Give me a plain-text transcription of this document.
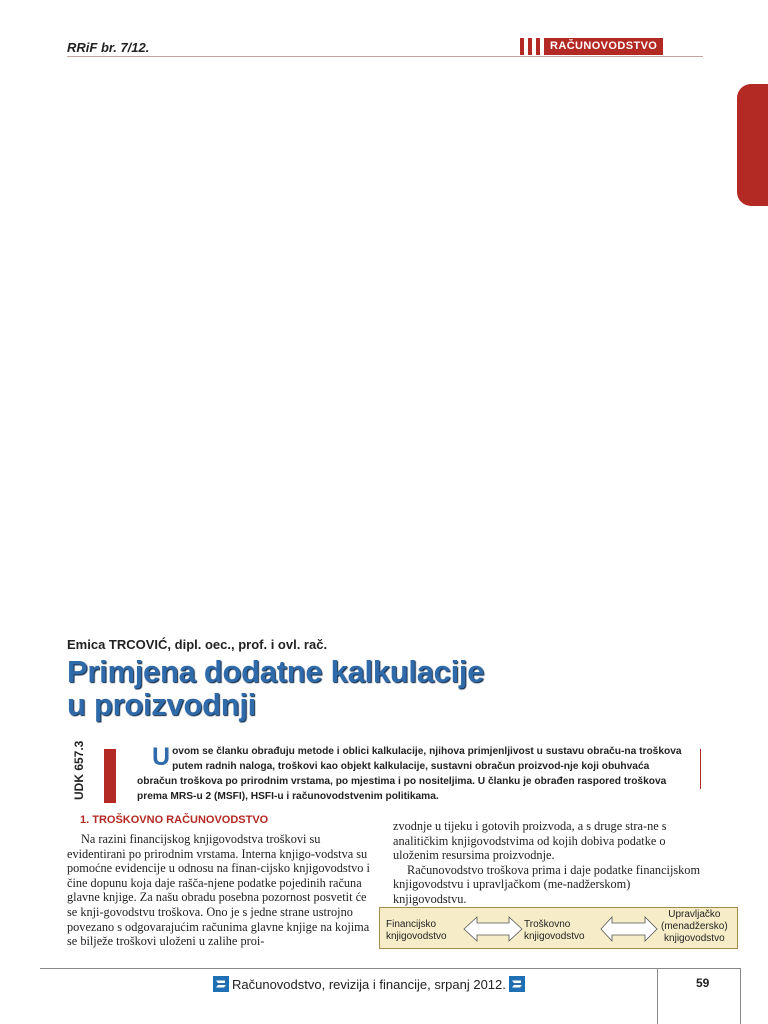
RRiF br. 7/12.	RAČUNOVODSTVO
Emica TRCOVIĆ, dipl. oec., prof. i ovl. rač.
Primjena dodatne kalkulacije
u proizvodnji
UDK 657.3	U ovom se članku obrađuju metode i oblici kalkulacije, njihova primjenljivost u sustavu obraču-na troškova putem radnih naloga, troškovi kao objekt kalkulacije, sustavni obračun proizvod-nje koji obuhvaća obračun troškova po prirodnim vrstama, po mjestima i po nositeljima. U članku je obrađen raspored troškova prema MRS-u 2 (MSFI), HSFI-u i računovodstvenim politikama.
1. TROŠKOVNO RAČUNOVODSTVO

Na razini financijskog knjigovodstva troškovi su evidentirani po prirodnim vrstama. Interna knjigo-vodstva su pomoćne evidencije u odnosu na finan-cijsko knjigovodstvo i čine dopunu koja daje rašča-njene podatke pojedinih računa glavne knjige. Za našu obradu posebna pozornost posvetit će se knji-govodstvu troškova. Ono je s jedne strane ustrojno povezano s odgovarajućim računima glavne knjige na kojima se bilježe troškovi uloženi u zalihe proi-

zvodnje u tijeku i gotovih proizvoda, a s druge stra-ne s analitičkim knjigovodstvima od kojih dobiva podatke o uloženim resursima proizvodnje.

Računovodstvo troškova prima i daje podatke financijskom knjigovodstvu i upravljačkom (me-nadžerskom) knjigovodstvu.

Financijsko
knjigovodstvo
Troškovno
knjigovodstvo
Upravljačko
(menadžersko)
knjigovodstvo
Računovodstvo, revizija i financije, srpanj 2012.	59
